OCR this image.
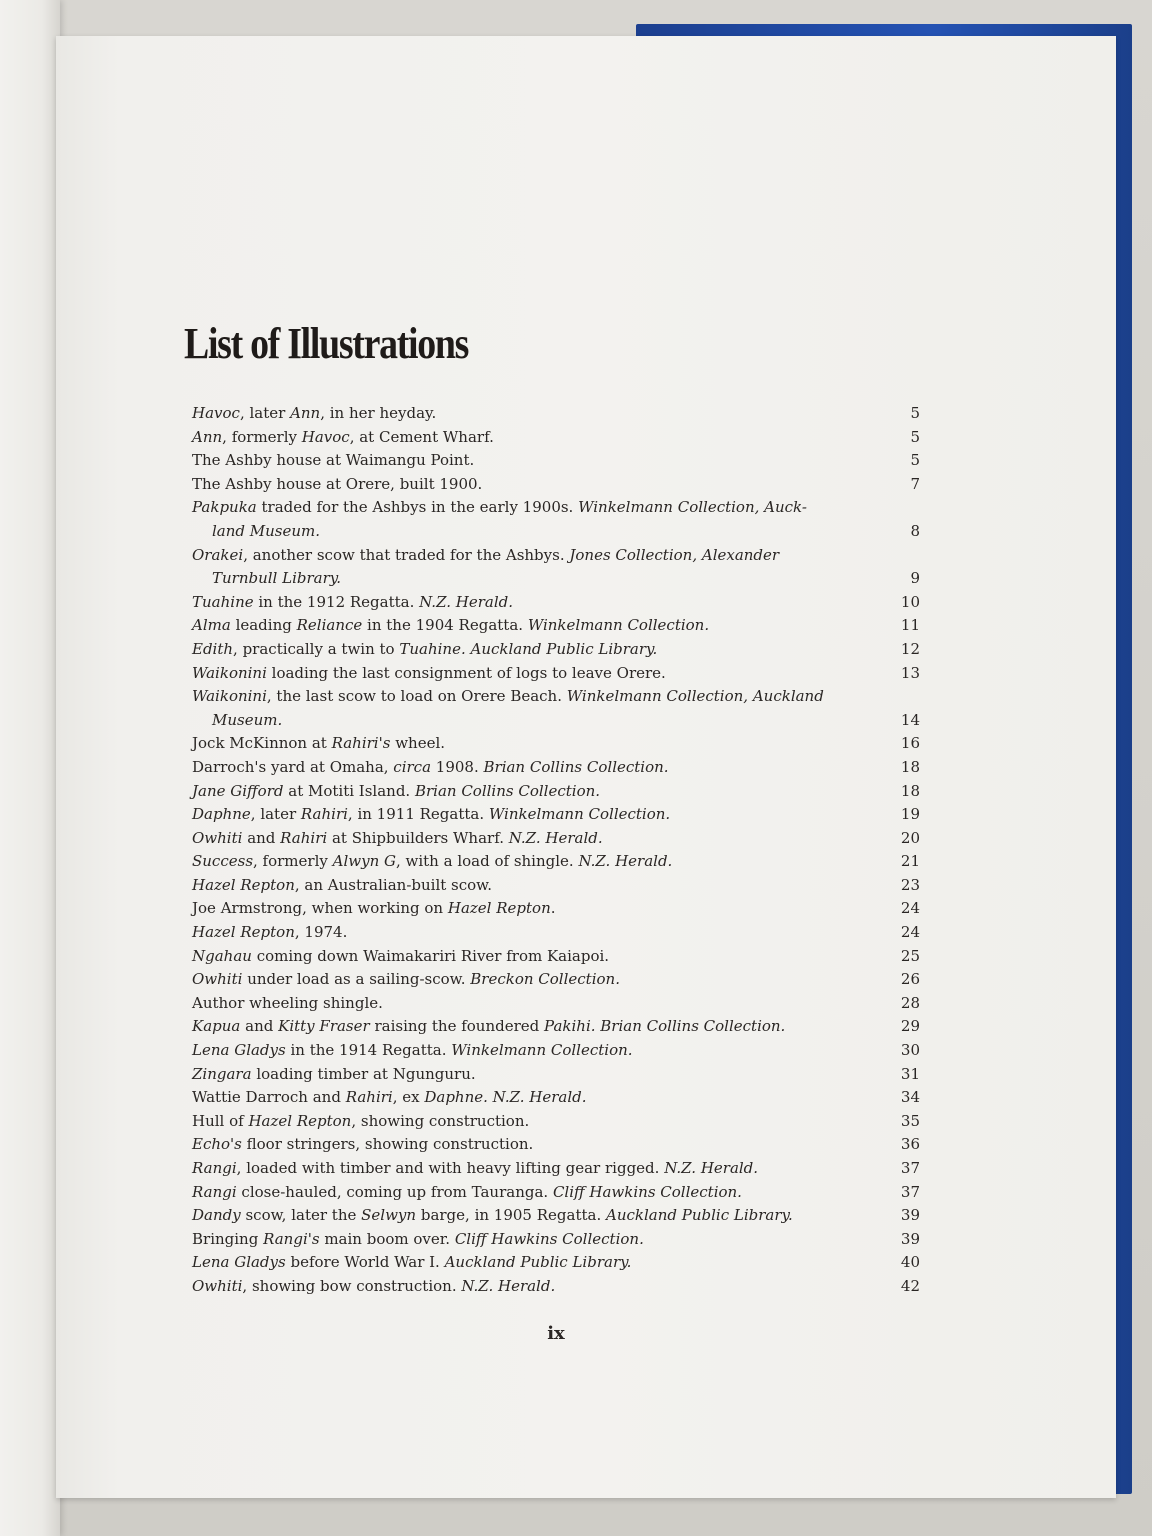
List of Illustrations
Havoc, later Ann, in her heyday.	5
Ann, formerly Havoc, at Cement Wharf.	5
The Ashby house at Waimangu Point.	5
The Ashby house at Orere, built 1900.	7
Pakpuka traded for the Ashbys in the early 1900s. Winkelmann Collection, Auck-
land Museum.	8
Orakei, another scow that traded for the Ashbys. Jones Collection, Alexander
Turnbull Library.	9
Tuahine in the 1912 Regatta. N.Z. Herald.	10
Alma leading Reliance in the 1904 Regatta. Winkelmann Collection.	11
Edith, practically a twin to Tuahine. Auckland Public Library.	12
Waikonini loading the last consignment of logs to leave Orere.	13
Waikonini, the last scow to load on Orere Beach. Winkelmann Collection, Auckland
Museum.	14
Jock McKinnon at Rahiri's wheel.	16
Darroch's yard at Omaha, circa 1908. Brian Collins Collection.	18
Jane Gifford at Motiti Island. Brian Collins Collection.	18
Daphne, later Rahiri, in 1911 Regatta. Winkelmann Collection.	19
Owhiti and Rahiri at Shipbuilders Wharf. N.Z. Herald.	20
Success, formerly Alwyn G, with a load of shingle. N.Z. Herald.	21
Hazel Repton, an Australian-built scow.	23
Joe Armstrong, when working on Hazel Repton.	24
Hazel Repton, 1974.	24
Ngahau coming down Waimakariri River from Kaiapoi.	25
Owhiti under load as a sailing-scow. Breckon Collection.	26
Author wheeling shingle.	28
Kapua and Kitty Fraser raising the foundered Pakihi. Brian Collins Collection.	29
Lena Gladys in the 1914 Regatta. Winkelmann Collection.	30
Zingara loading timber at Ngunguru.	31
Wattie Darroch and Rahiri, ex Daphne. N.Z. Herald.	34
Hull of Hazel Repton, showing construction.	35
Echo's floor stringers, showing construction.	36
Rangi, loaded with timber and with heavy lifting gear rigged. N.Z. Herald.	37
Rangi close-hauled, coming up from Tauranga. Cliff Hawkins Collection.	37
Dandy scow, later the Selwyn barge, in 1905 Regatta. Auckland Public Library.	39
Bringing Rangi's main boom over. Cliff Hawkins Collection.	39
Lena Gladys before World War I. Auckland Public Library.	40
Owhiti, showing bow construction. N.Z. Herald.	42
ix
